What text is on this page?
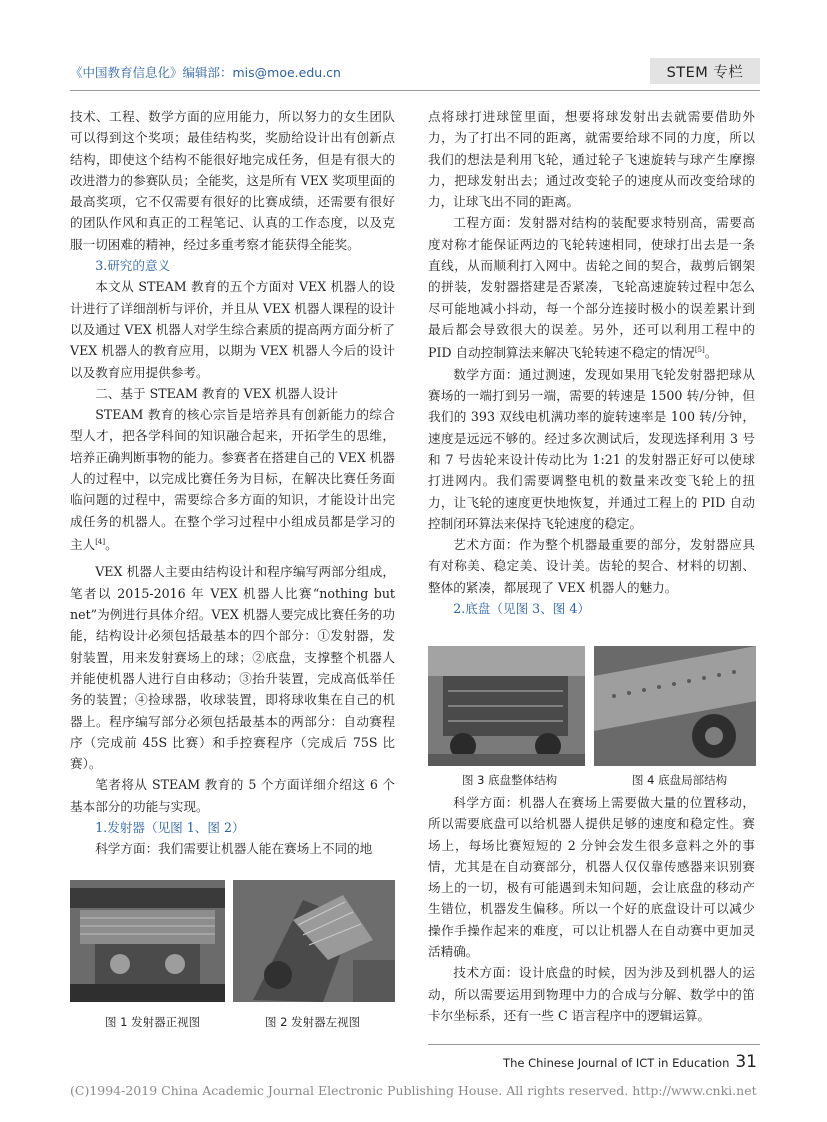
《中国教育信息化》编辑部：mis@moe.edu.cn	STEM 专栏

技术、工程、数学方面的应用能力，所以努力的女生团队可以得到这个奖项；最佳结构奖，奖励给设计出有创新点结构，即使这个结构不能很好地完成任务，但是有很大的改进潜力的参赛队员；全能奖，这是所有 VEX 奖项里面的最高奖项，它不仅需要有很好的比赛成绩，还需要有很好的团队作风和真正的工程笔记、认真的工作态度，以及克服一切困难的精神，经过多重考察才能获得全能奖。

3.研究的意义

本文从 STEAM 教育的五个方面对 VEX 机器人的设计进行了详细剖析与评价，并且从 VEX 机器人课程的设计以及通过 VEX 机器人对学生综合素质的提高两方面分析了 VEX 机器人的教育应用，以期为 VEX 机器人今后的设计以及教育应用提供参考。

二、基于 STEAM 教育的 VEX 机器人设计

STEAM 教育的核心宗旨是培养具有创新能力的综合型人才，把各学科间的知识融合起来，开拓学生的思维，培养正确判断事物的能力。参赛者在搭建自己的 VEX 机器人的过程中，以完成比赛任务为目标，在解决比赛任务面临问题的过程中，需要综合多方面的知识，才能设计出完成任务的机器人。在整个学习过程中小组成员都是学习的主人[4]。

VEX 机器人主要由结构设计和程序编写两部分组成，笔者以 2015-2016 年 VEX 机器人比赛“nothing but net”为例进行具体介绍。VEX 机器人要完成比赛任务的功能，结构设计必须包括最基本的四个部分：①发射器，发射装置，用来发射赛场上的球；②底盘，支撑整个机器人并能使机器人进行自由移动；③抬升装置，完成高低举任务的装置；④捡球器，收球装置，即将球收集在自己的机器上。程序编写部分必须包括最基本的两部分：自动赛程序（完成前 45S 比赛）和手控赛程序（完成后 75S 比赛）。

笔者将从 STEAM 教育的 5 个方面详细介绍这 6 个基本部分的功能与实现。

1.发射器（见图 1、图 2）

科学方面：我们需要让机器人能在赛场上不同的地

图 1 发射器正视图	图 2 发射器左视图

点将球打进球筐里面，想要将球发射出去就需要借助外力，为了打出不同的距离，就需要给球不同的力度，所以我们的想法是利用飞轮，通过轮子飞速旋转与球产生摩擦力，把球发射出去；通过改变轮子的速度从而改变给球的力，让球飞出不同的距离。

工程方面：发射器对结构的装配要求特别高，需要高度对称才能保证两边的飞轮转速相同，使球打出去是一条直线，从而顺利打入网中。齿轮之间的契合，裁剪后钢架的拼装，发射器搭建是否紧凑，飞轮高速旋转过程中怎么尽可能地减小抖动，每一个部分连接时极小的误差累计到最后都会导致很大的误差。另外，还可以利用工程中的 PID 自动控制算法来解决飞轮转速不稳定的情况[5]。

数学方面：通过测速，发现如果用飞轮发射器把球从赛场的一端打到另一端，需要的转速是 1500 转/分钟，但我们的 393 双线电机满功率的旋转速率是 100 转/分钟，速度是远远不够的。经过多次测试后，发现选择利用 3 号和 7 号齿轮来设计传动比为 1:21 的发射器正好可以使球打进网内。我们需要调整电机的数量来改变飞轮上的扭力，让飞轮的速度更快地恢复，并通过工程上的 PID 自动控制闭环算法来保持飞轮速度的稳定。

艺术方面：作为整个机器最重要的部分，发射器应具有对称美、稳定美、设计美。齿轮的契合、材料的切割、整体的紧凑，都展现了 VEX 机器人的魅力。

2.底盘（见图 3、图 4）

图 3 底盘整体结构	图 4 底盘局部结构

科学方面：机器人在赛场上需要做大量的位置移动，所以需要底盘可以给机器人提供足够的速度和稳定性。赛场上，每场比赛短短的 2 分钟会发生很多意料之外的事情，尤其是在自动赛部分，机器人仅仅靠传感器来识别赛场上的一切，极有可能遇到未知问题，会让底盘的移动产生错位，机器发生偏移。所以一个好的底盘设计可以减少操作手操作起来的难度，可以让机器人在自动赛中更加灵活精确。

技术方面：设计底盘的时候，因为涉及到机器人的运动，所以需要运用到物理中力的合成与分解、数学中的笛卡尔坐标系，还有一些 C 语言程序中的逻辑运算。

The Chinese Journal of ICT in Education 31
(C)1994-2019 China Academic Journal Electronic Publishing House. All rights reserved. http://www.cnki.net
